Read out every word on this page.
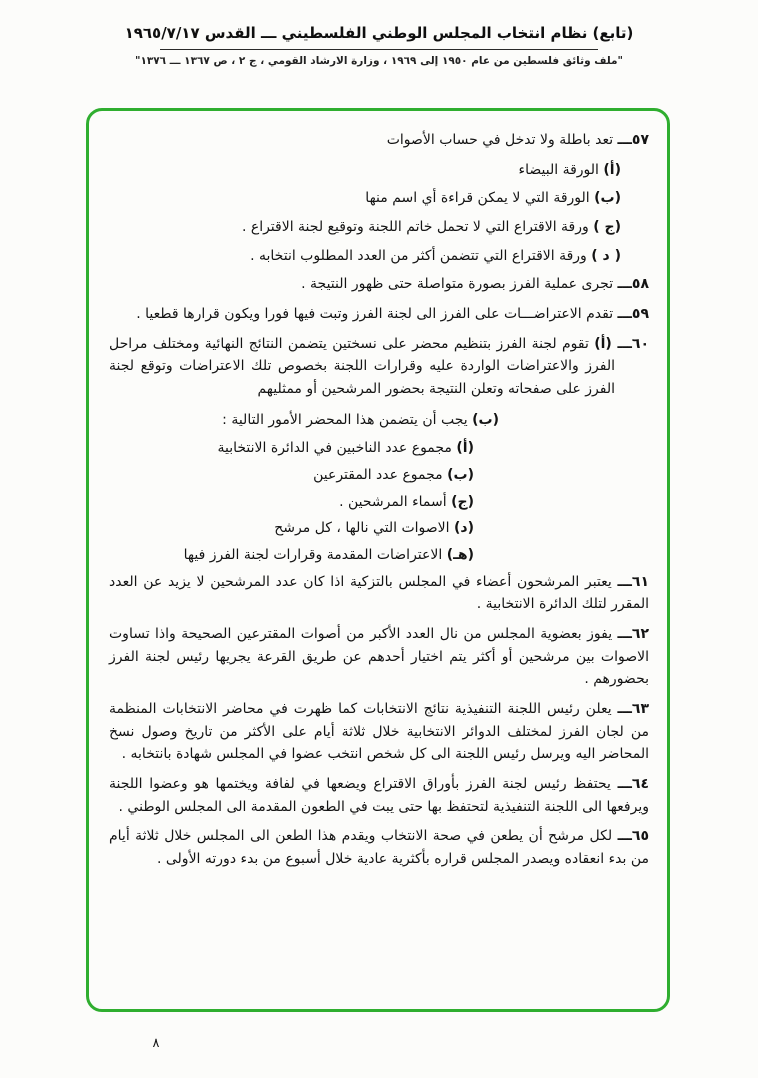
(تابع) نظام انتخاب المجلس الوطني الفلسطيني ـــ القدس ١٩٦٥/٧/١٧
"ملف وثائق فلسطين من عام ١٩٥٠ إلى ١٩٦٩ ، وزارة الارشاد القومي ، ج ٢ ، ص ١٣٦٧ ـــ ١٣٧٦"

٥٧ـــ تعد باطلة ولا تدخل في حساب الأصوات

(أ) الورقة البيضاء

(ب) الورقة التي لا يمكن قراءة أي اسم منها

(ج ) ورقة الاقتراع التي لا تحمل خاتم اللجنة وتوقيع لجنة الاقتراع .

( د ) ورقة الاقتراع التي تتضمن أكثر من العدد المطلوب انتخابه .

٥٨ـــ تجرى عملية الفرز بصورة متواصلة حتى ظهور النتيجة .

٥٩ـــ تقدم الاعتراضـــات على الفرز الى لجنة الفرز وتبت فيها فورا ويكون قرارها قطعيا .

٦٠ـــ (أ) تقوم لجنة الفرز بتنظيم محضر على نسختين يتضمن النتائج النهائية ومختلف مراحل الفرز والاعتراضات الواردة عليه وقرارات اللجنة بخصوص تلك الاعتراضات وتوقع لجنة الفرز على صفحاته وتعلن النتيجة بحضور المرشحين أو ممثليهم

(ب) يجب أن يتضمن هذا المحضر الأمور التالية :

(أ) مجموع عدد الناخبين في الدائرة الانتخابية

(ب) مجموع عدد المقترعين

(ج) أسماء المرشحين .

(د) الاصوات التي نالها ، كل مرشح

(هـ) الاعتراضات المقدمة وقرارات لجنة الفرز فيها

٦١ـــ يعتبر المرشحون أعضاء في المجلس بالتزكية اذا كان عدد المرشحين لا يزيد عن العدد المقرر لتلك الدائرة الانتخابية .

٦٢ـــ يفوز بعضوية المجلس من نال العدد الأكبر من أصوات المقترعين الصحيحة واذا تساوت الاصوات بين مرشحين أو أكثر يتم اختيار أحدهم عن طريق القرعة يجريها رئيس لجنة الفرز بحضورهم .

٦٣ـــ يعلن رئيس اللجنة التنفيذية نتائج الانتخابات كما ظهرت في محاضر الانتخابات المنظمة من لجان الفرز لمختلف الدوائر الانتخابية خلال ثلاثة أيام على الأكثر من تاريخ وصول نسخ المحاضر اليه ويرسل رئيس اللجنة الى كل شخص انتخب عضوا في المجلس شهادة بانتخابه .

٦٤ـــ يحتفظ رئيس لجنة الفرز بأوراق الاقتراع ويضعها في لفافة ويختمها هو وعضوا اللجنة ويرفعها الى اللجنة التنفيذية لتحتفظ بها حتى يبت في الطعون المقدمة الى المجلس الوطني .

٦٥ـــ لكل مرشح أن يطعن في صحة الانتخاب ويقدم هذا الطعن الى المجلس خلال ثلاثة أيام من بدء انعقاده ويصدر المجلس قراره بأكثرية عادية خلال أسبوع من بدء دورته الأولى .

٨
